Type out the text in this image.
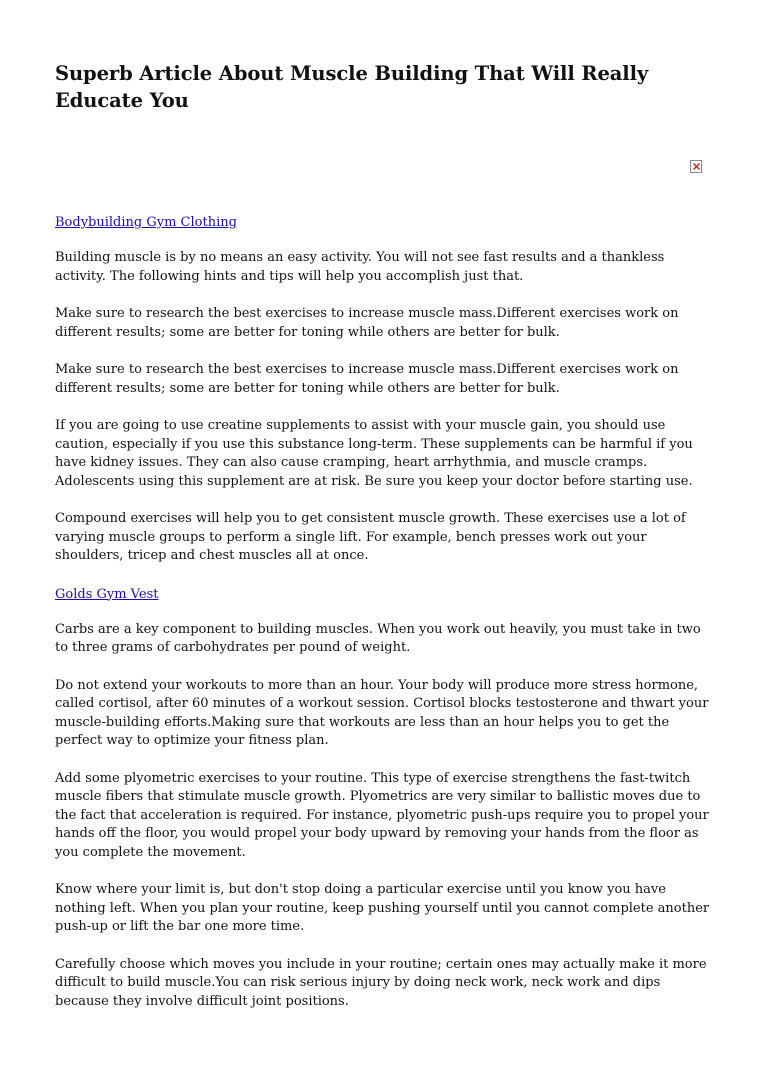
Superb Article About Muscle Building That Will Really Educate You
Bodybuilding Gym Clothing

Building muscle is by no means an easy activity. You will not see fast results and a thankless activity. The following hints and tips will help you accomplish just that.

Make sure to research the best exercises to increase muscle mass.Different exercises work on different results; some are better for toning while others are better for bulk.

Make sure to research the best exercises to increase muscle mass.Different exercises work on different results; some are better for toning while others are better for bulk.

If you are going to use creatine supplements to assist with your muscle gain, you should use caution, especially if you use this substance long-term. These supplements can be harmful if you have kidney issues. They can also cause cramping, heart arrhythmia, and muscle cramps. Adolescents using this supplement are at risk. Be sure you keep your doctor before starting use.

Compound exercises will help you to get consistent muscle growth. These exercises use a lot of varying muscle groups to perform a single lift. For example, bench presses work out your shoulders, tricep and chest muscles all at once.

Golds Gym Vest

Carbs are a key component to building muscles. When you work out heavily, you must take in two to three grams of carbohydrates per pound of weight.

Do not extend your workouts to more than an hour. Your body will produce more stress hormone, called cortisol, after 60 minutes of a workout session. Cortisol blocks testosterone and thwart your muscle-building efforts.Making sure that workouts are less than an hour helps you to get the perfect way to optimize your fitness plan.

Add some plyometric exercises to your routine. This type of exercise strengthens the fast-twitch muscle fibers that stimulate muscle growth. Plyometrics are very similar to ballistic moves due to the fact that acceleration is required. For instance, plyometric push-ups require you to propel your hands off the floor, you would propel your body upward by removing your hands from the floor as you complete the movement.

Know where your limit is, but don't stop doing a particular exercise until you know you have nothing left. When you plan your routine, keep pushing yourself until you cannot complete another push-up or lift the bar one more time.

Carefully choose which moves you include in your routine; certain ones may actually make it more difficult to build muscle.You can risk serious injury by doing neck work, neck work and dips because they involve difficult joint positions.
